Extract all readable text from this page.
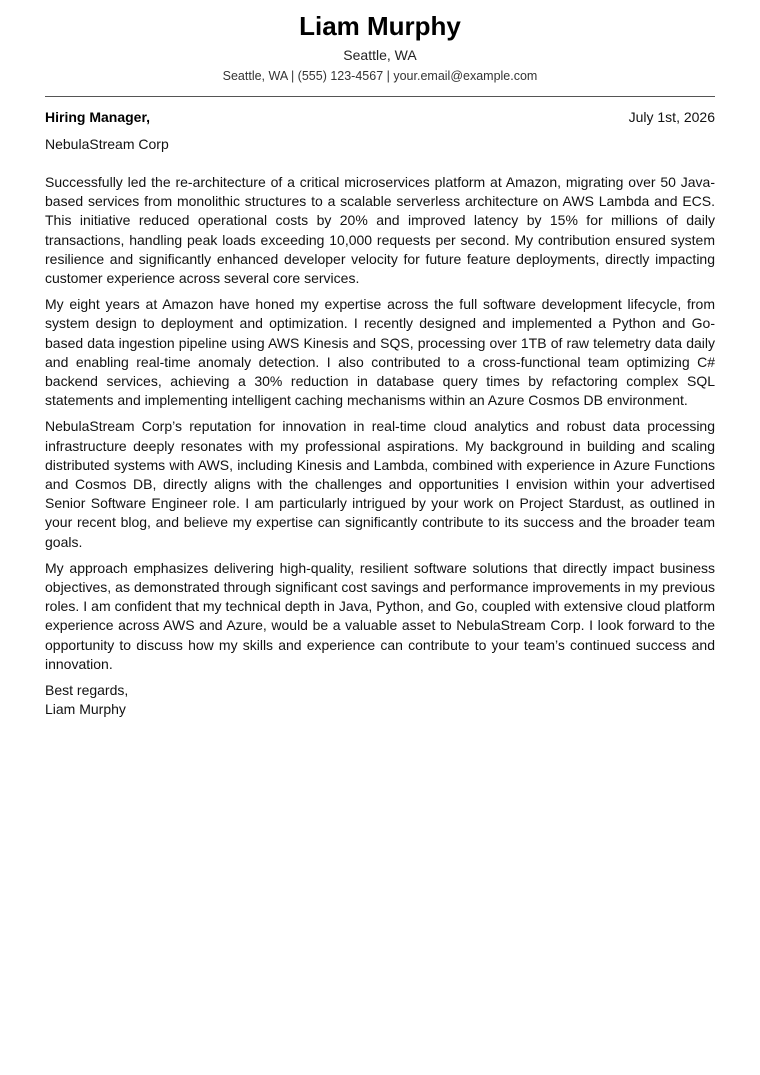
Liam Murphy
Seattle, WA
Seattle, WA | (555) 123-4567 | your.email@example.com
Hiring Manager,	July 1st, 2026
NebulaStream Corp

Successfully led the re-architecture of a critical microservices platform at Amazon, migrating over 50 Java-based services from monolithic structures to a scalable serverless architecture on AWS Lambda and ECS. This initiative reduced operational costs by 20% and improved latency by 15% for millions of daily transactions, handling peak loads exceeding 10,000 requests per second. My contribution ensured system resilience and significantly enhanced developer velocity for future feature deployments, directly impacting customer experience across several core services.

My eight years at Amazon have honed my expertise across the full software development lifecycle, from system design to deployment and optimization. I recently designed and implemented a Python and Go-based data ingestion pipeline using AWS Kinesis and SQS, processing over 1TB of raw telemetry data daily and enabling real-time anomaly detection. I also contributed to a cross-functional team optimizing C# backend services, achieving a 30% reduction in database query times by refactoring complex SQL statements and implementing intelligent caching mechanisms within an Azure Cosmos DB environment.

NebulaStream Corp’s reputation for innovation in real-time cloud analytics and robust data processing infrastructure deeply resonates with my professional aspirations. My background in building and scaling distributed systems with AWS, including Kinesis and Lambda, combined with experience in Azure Functions and Cosmos DB, directly aligns with the challenges and opportunities I envision within your advertised Senior Software Engineer role. I am particularly intrigued by your work on Project Stardust, as outlined in your recent blog, and believe my expertise can significantly contribute to its success and the broader team goals.

My approach emphasizes delivering high-quality, resilient software solutions that directly impact business objectives, as demonstrated through significant cost savings and performance improvements in my previous roles. I am confident that my technical depth in Java, Python, and Go, coupled with extensive cloud platform experience across AWS and Azure, would be a valuable asset to NebulaStream Corp. I look forward to the opportunity to discuss how my skills and experience can contribute to your team’s continued success and innovation.

Best regards,
Liam Murphy
